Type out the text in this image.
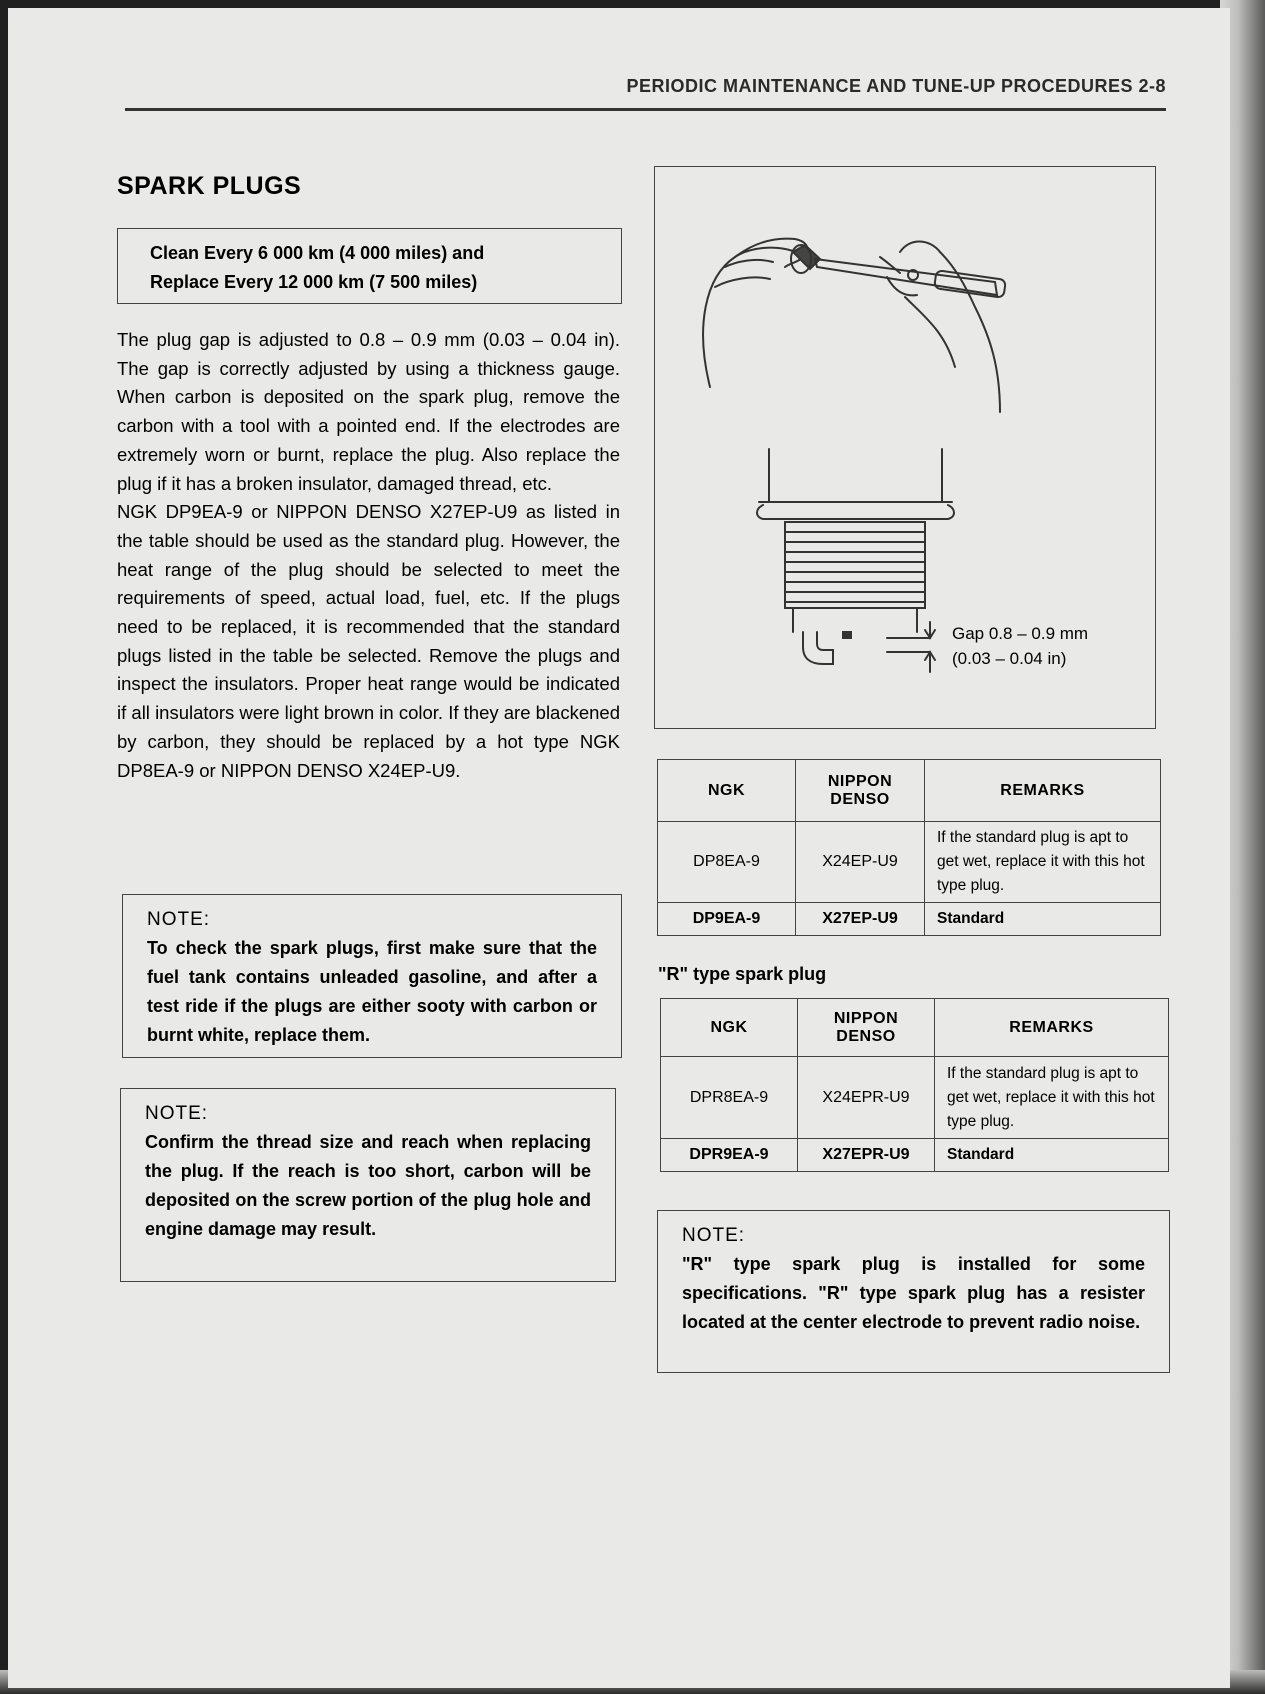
PERIODIC MAINTENANCE AND TUNE-UP PROCEDURES 2-8
SPARK PLUGS
Clean Every 6 000 km (4 000 miles) and
Replace Every 12 000 km (7 500 miles)

The plug gap is adjusted to 0.8 – 0.9 mm (0.03 – 0.04 in). The gap is correctly adjusted by using a thickness gauge. When carbon is deposited on the spark plug, remove the carbon with a tool with a pointed end. If the electrodes are extremely worn or burnt, replace the plug. Also replace the plug if it has a broken insulator, damaged thread, etc.

NGK DP9EA-9 or NIPPON DENSO X27EP-U9 as listed in the table should be used as the standard plug. However, the heat range of the plug should be selected to meet the requirements of speed, actual load, fuel, etc. If the plugs need to be replaced, it is recommended that the standard plugs listed in the table be selected. Remove the plugs and inspect the insulators. Proper heat range would be indicated if all insulators were light brown in color. If they are blackened by carbon, they should be replaced by a hot type NGK DP8EA-9 or NIPPON DENSO X24EP-U9.

NOTE:
To check the spark plugs, first make sure that the fuel tank contains unleaded gasoline, and after a test ride if the plugs are either sooty with carbon or burnt white, replace them.
NOTE:
Confirm the thread size and reach when replacing the plug. If the reach is too short, carbon will be deposited on the screw portion of the plug hole and engine damage may result.
Gap 0.8 – 0.9 mm
(0.03 – 0.04 in)
NGK	NIPPON DENSO	REMARKS
DP8EA-9	X24EP-U9	If the standard plug is apt to get wet, replace it with this hot type plug.
DP9EA-9	X27EP-U9	Standard
"R" type spark plug
NGK	NIPPON DENSO	REMARKS
DPR8EA-9	X24EPR-U9	If the standard plug is apt to get wet, replace it with this hot type plug.
DPR9EA-9	X27EPR-U9	Standard
NOTE:
"R" type spark plug is installed for some specifications. "R" type spark plug has a resister located at the center electrode to prevent radio noise.
